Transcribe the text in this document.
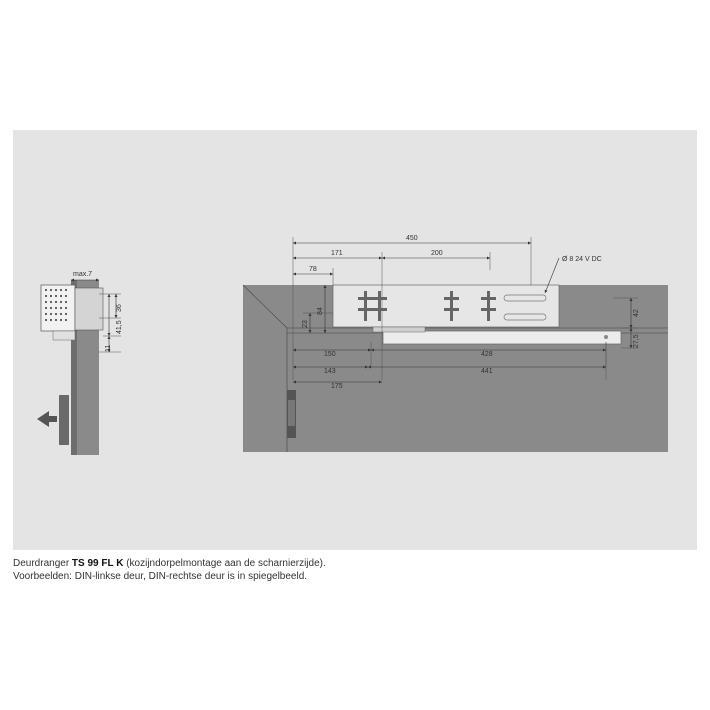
max.7
36
41,5
11
450
171	200
78
84
23
150	428
143	441
175
42
27,5
Ø 8 24 V DC
Deurdranger TS 99 FL K (kozijndorpelmontage aan de scharnierzijde).
Voorbeelden: DIN-linkse deur, DIN-rechtse deur is in spiegelbeeld.
